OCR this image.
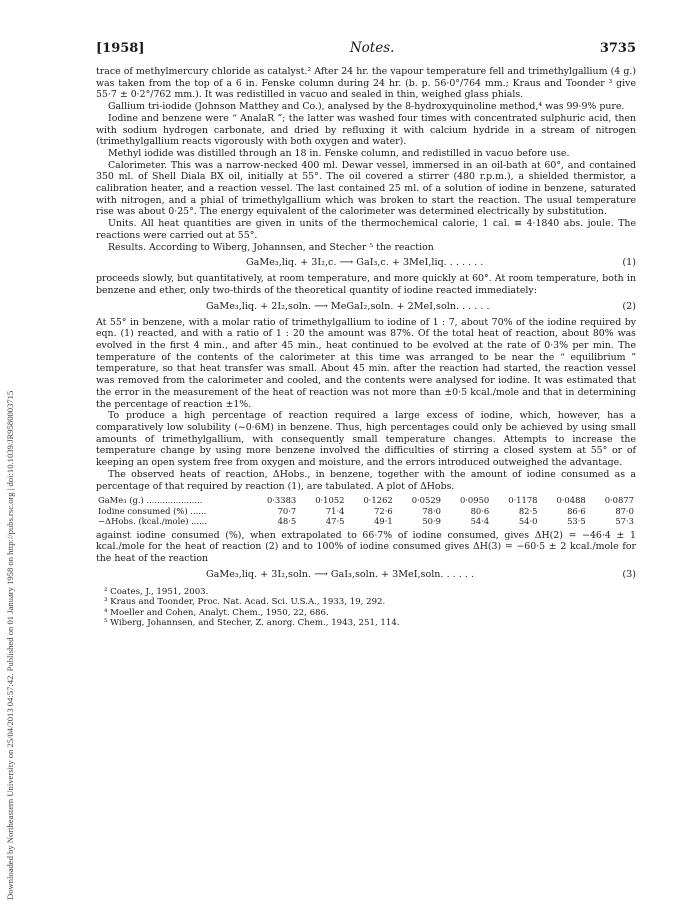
Downloaded by Northeastern University on 25/04/2013 04:57:42. Published on 01 January 1958 on http://pubs.rsc.org | doi:10.1039/JR9580003715
[1958]	Notes.	3735

trace of methylmercury chloride as catalyst.² After 24 hr. the vapour temperature fell and trimethylgallium (4 g.) was taken from the top of a 6 in. Fenske column during 24 hr. (b. p. 56·0°/764 mm.; Kraus and Toonder ³ give 55·7 ± 0·2°/762 mm.). It was redistilled in vacuo and sealed in thin, weighed glass phials.

Gallium tri-iodide (Johnson Matthey and Co.), analysed by the 8-hydroxyquinoline method,⁴ was 99·9% pure.

Iodine and benzene were “ AnalaR ”; the latter was washed four times with concentrated sulphuric acid, then with sodium hydrogen carbonate, and dried by refluxing it with calcium hydride in a stream of nitrogen (trimethylgallium reacts vigorously with both oxygen and water).

Methyl iodide was distilled through an 18 in. Fenske column, and redistilled in vacuo before use.

Calorimeter. This was a narrow-necked 400 ml. Dewar vessel, immersed in an oil-bath at 60°, and contained 350 ml. of Shell Diala BX oil, initially at 55°. The oil covered a stirrer (480 r.p.m.), a shielded thermistor, a calibration heater, and a reaction vessel. The last contained 25 ml. of a solution of iodine in benzene, saturated with nitrogen, and a phial of trimethylgallium which was broken to start the reaction. The usual temperature rise was about 0·25°. The energy equivalent of the calorimeter was determined electrically by substitution.

Units. All heat quantities are given in units of the thermochemical calorie, 1 cal. ≡ 4·1840 abs. joule. The reactions were carried out at 55°.

Results. According to Wiberg, Johannsen, and Stecher ⁵ the reaction

GaMe₃,liq. + 3I₂,c. ⟶ GaI₃,c. + 3MeI,liq. . . . . . .	(1)

proceeds slowly, but quantitatively, at room temperature, and more quickly at 60°. At room temperature, both in benzene and ether, only two-thirds of the theoretical quantity of iodine reacted immediately:

GaMe₃,liq. + 2I₂,soln. ⟶ MeGaI₂,soln. + 2MeI,soln. . . . . .	(2)

At 55° in benzene, with a molar ratio of trimethylgallium to iodine of 1 : 7, about 70% of the iodine required by eqn. (1) reacted, and with a ratio of 1 : 20 the amount was 87%. Of the total heat of reaction, about 80% was evolved in the first 4 min., and after 45 min., heat continued to be evolved at the rate of 0·3% per min. The temperature of the contents of the calorimeter at this time was arranged to be near the “ equilibrium ” temperature, so that heat transfer was small. About 45 min. after the reaction had started, the reaction vessel was removed from the calorimeter and cooled, and the contents were analysed for iodine. It was estimated that the error in the measurement of the heat of reaction was not more than ±0·5 kcal./mole and that in determining the percentage of reaction ±1%.

To produce a high percentage of reaction required a large excess of iodine, which, however, has a comparatively low solubility (~0·6M) in benzene. Thus, high percentages could only be achieved by using small amounts of trimethylgallium, with consequently small temperature changes. Attempts to increase the temperature change by using more benzene involved the difficulties of stirring a closed system at 55° or of keeping an open system free from oxygen and moisture, and the errors introduced outweighed the advantage.

The observed heats of reaction, ΔHobs., in benzene, together with the amount of iodine consumed as a percentage of that required by reaction (1), are tabulated. A plot of ΔHobs.

GaMe₃ (g.) .....................	0·3383	0·1052	0·1262	0·0529	0·0950	0·1178	0·0488	0·0877
Iodine consumed (%) ......	70·7	71·4	72·6	78·0	80·6	82·5	86·6	87·0
−ΔHobs. (kcal./mole) ......	48·5	47·5	49·1	50·9	54·4	54·0	53·5	57·3

against iodine consumed (%), when extrapolated to 66·7% of iodine consumed, gives ΔH(2) = −46·4 ± 1 kcal./mole for the heat of reaction (2) and to 100% of iodine consumed gives ΔH(3) = −60·5 ± 2 kcal./mole for the heat of the reaction

GaMe₃,liq. + 3I₂,soln. ⟶ GaI₃,soln. + 3MeI,soln. . . . . .	(3)
² Coates, J., 1951, 2003.
³ Kraus and Toonder, Proc. Nat. Acad. Sci. U.S.A., 1933, 19, 292.
⁴ Moeller and Cohen, Analyt. Chem., 1950, 22, 686.
⁵ Wiberg, Johannsen, and Stecher, Z. anorg. Chem., 1943, 251, 114.
